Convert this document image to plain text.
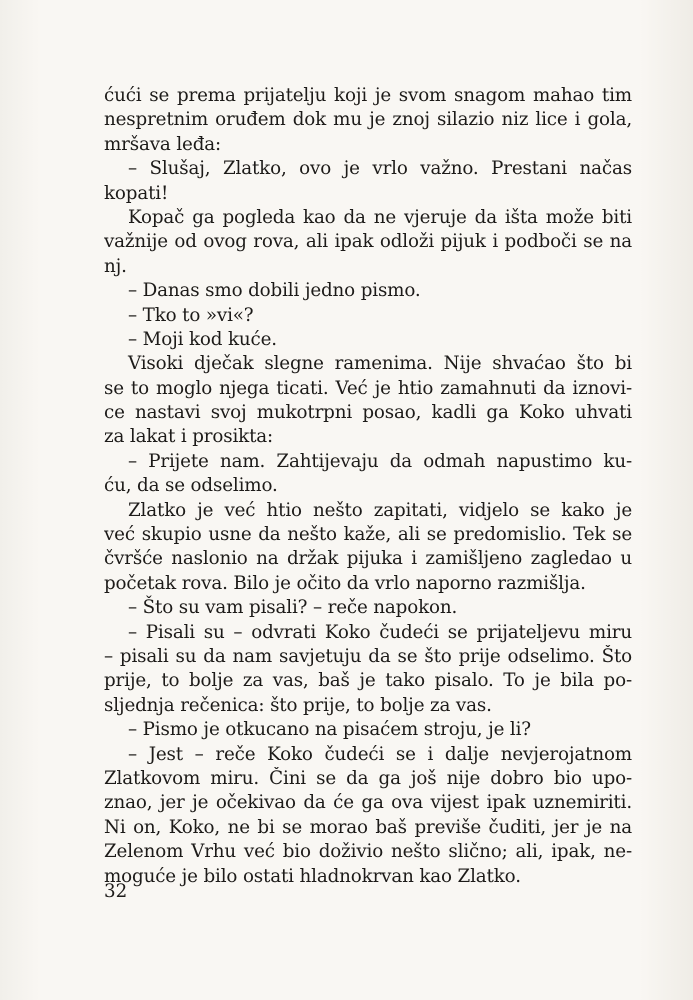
ćući se prema prijatelju koji je svom snagom mahao tim
nespretnim oruđem dok mu je znoj silazio niz lice i gola,
mršava leđa:
– Slušaj, Zlatko, ovo je vrlo važno. Prestani načas
kopati!
Kopač ga pogleda kao da ne vjeruje da išta može biti
važnije od ovog rova, ali ipak odloži pijuk i podboči se na
nj.
– Danas smo dobili jedno pismo.
– Tko to »vi«?
– Moji kod kuće.
Visoki dječak slegne ramenima. Nije shvaćao što bi
se to moglo njega ticati. Već je htio zamahnuti da iznovi-
ce nastavi svoj mukotrpni posao, kadli ga Koko uhvati
za lakat i prosikta:
– Prijete nam. Zahtijevaju da odmah napustimo ku-
ću, da se odselimo.
Zlatko je već htio nešto zapitati, vidjelo se kako je
već skupio usne da nešto kaže, ali se predomislio. Tek se
čvršće naslonio na držak pijuka i zamišljeno zagledao u
početak rova. Bilo je očito da vrlo naporno razmišlja.
– Što su vam pisali? – reče napokon.
– Pisali su – odvrati Koko čudeći se prijateljevu miru
– pisali su da nam savjetuju da se što prije odselimo. Što
prije, to bolje za vas, baš je tako pisalo. To je bila po-
sljednja rečenica: što prije, to bolje za vas.
– Pismo je otkucano na pisaćem stroju, je li?
– Jest – reče Koko čudeći se i dalje nevjerojatnom
Zlatkovom miru. Čini se da ga još nije dobro bio upo-
znao, jer je očekivao da će ga ova vijest ipak uznemiriti.
Ni on, Koko, ne bi se morao baš previše čuditi, jer je na
Zelenom Vrhu već bio doživio nešto slično; ali, ipak, ne-
moguće je bilo ostati hladnokrvan kao Zlatko.
32
